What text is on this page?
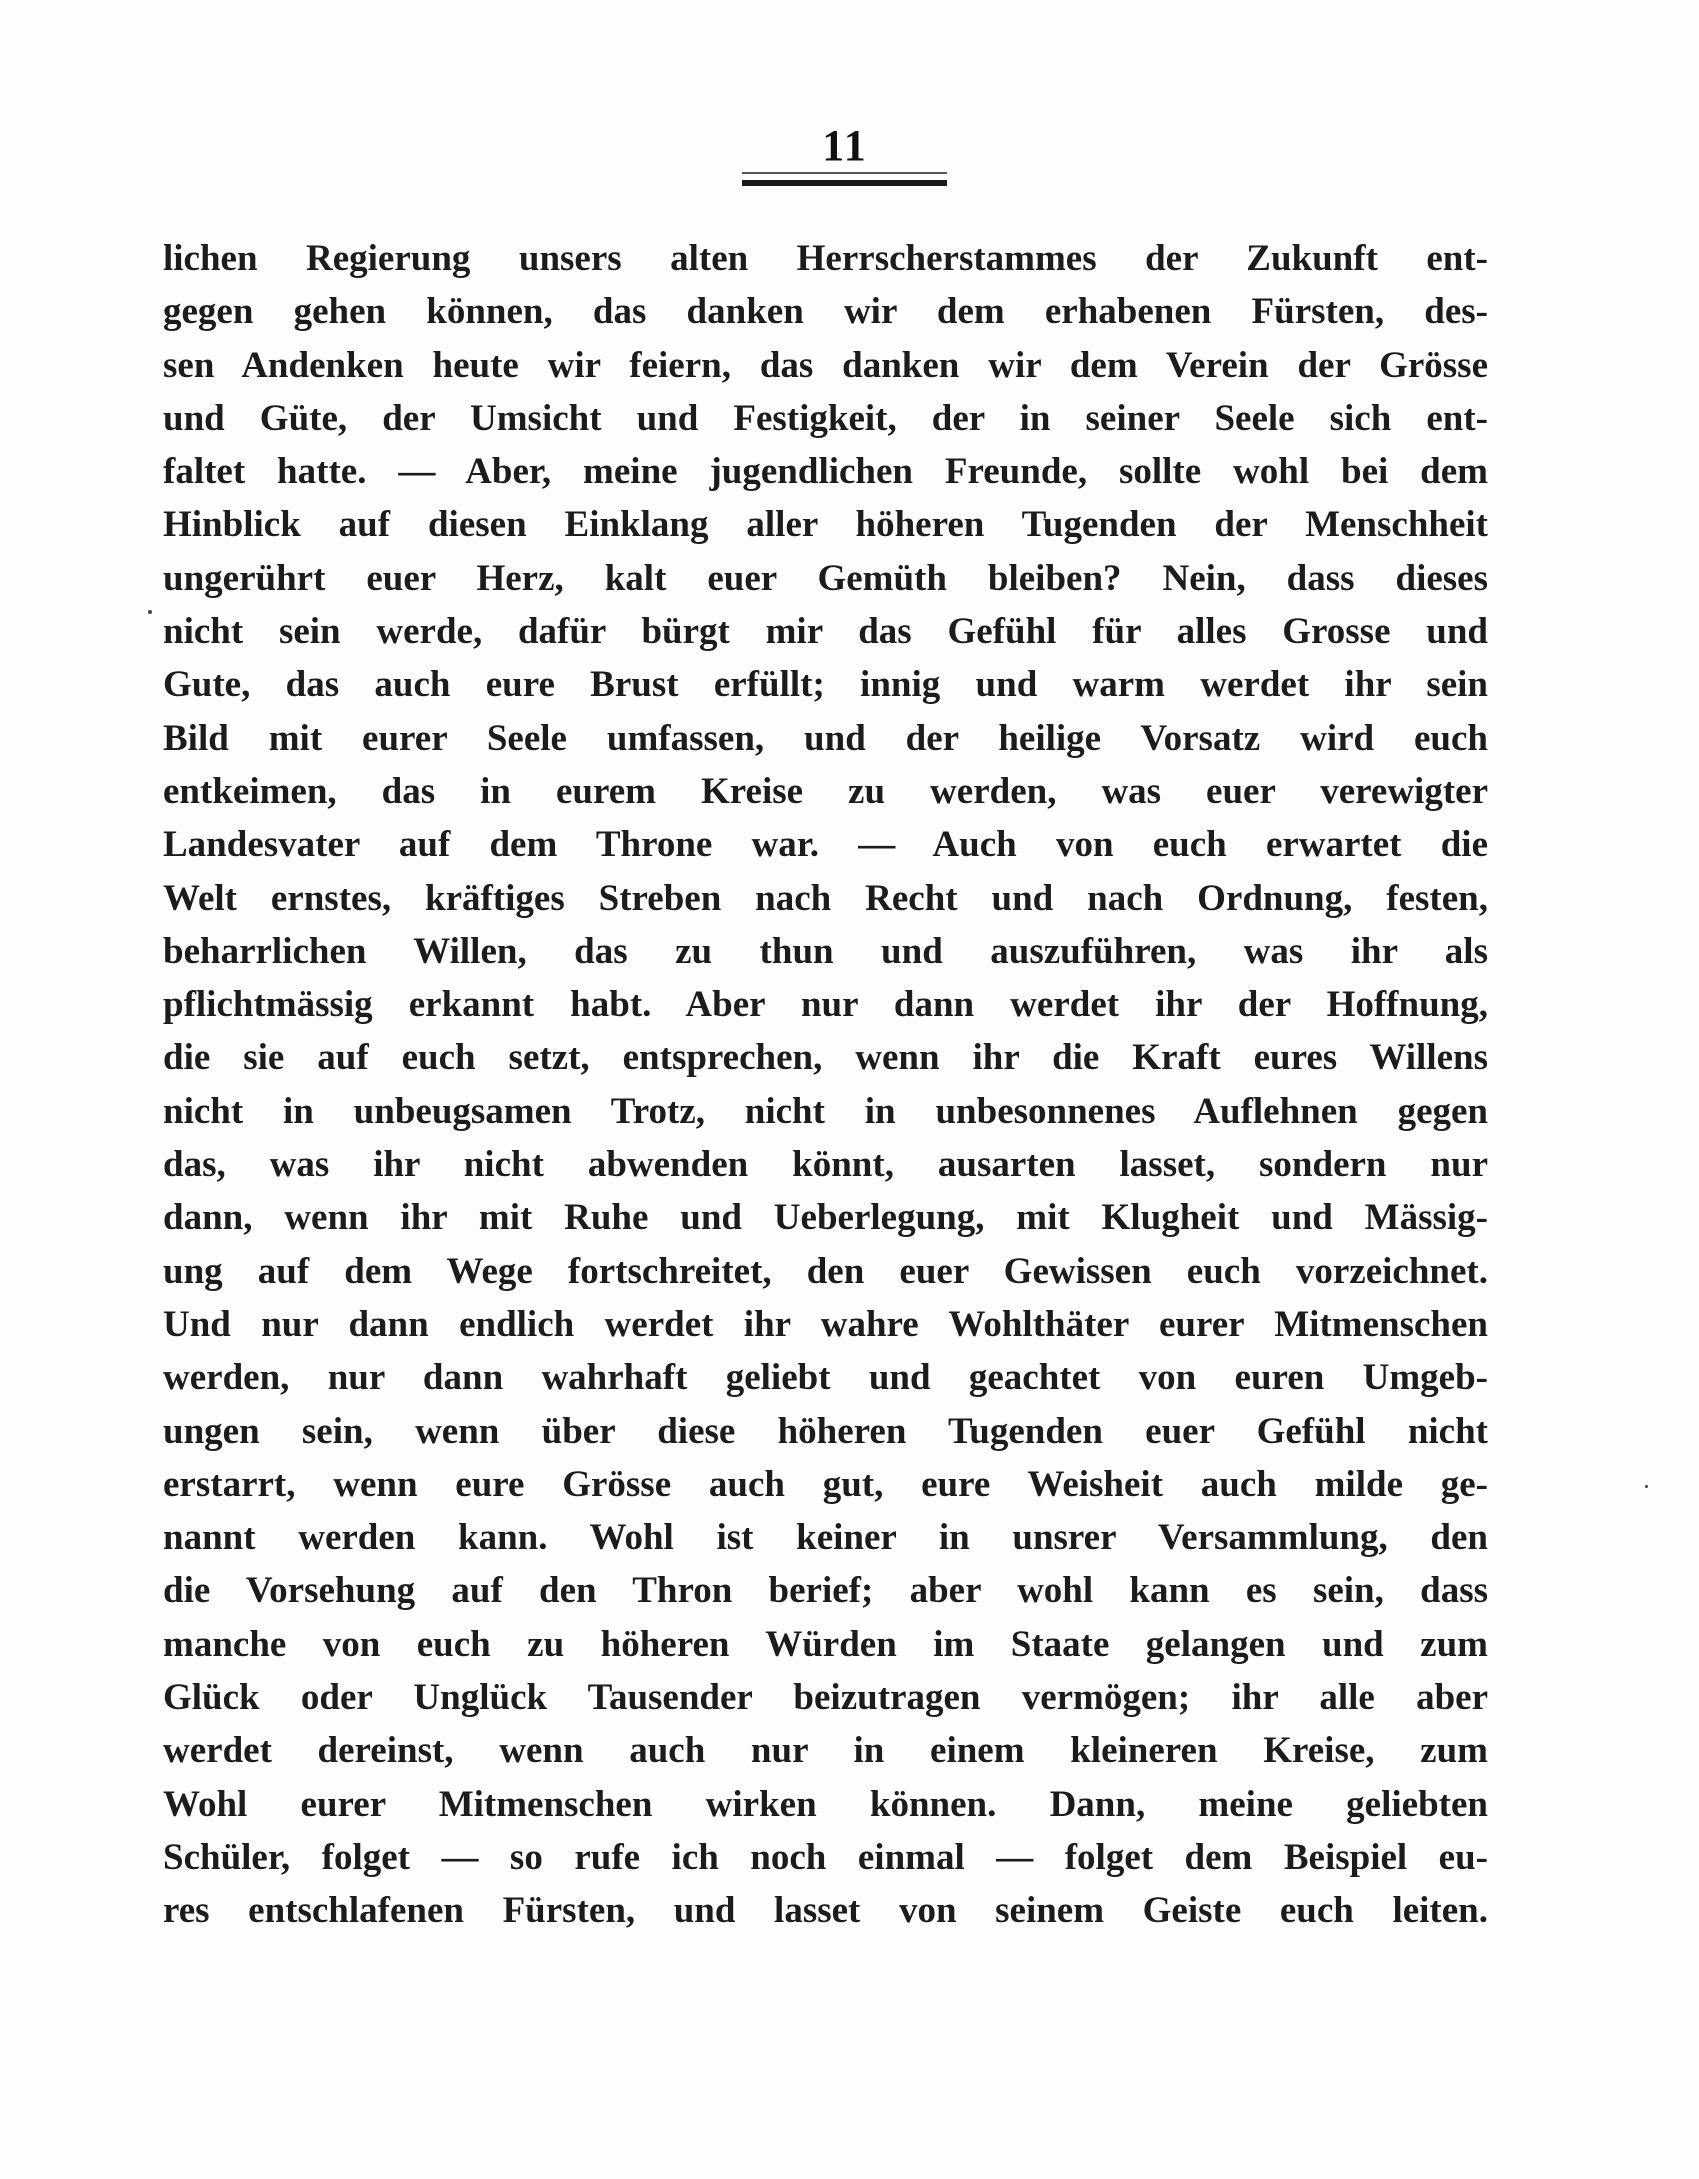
11
lichen Regierung unsers alten Herrscherstammes der Zukunft ent-
gegen gehen können, das danken wir dem erhabenen Fürsten, des-
sen Andenken heute wir feiern, das danken wir dem Verein der Grösse
und Güte, der Umsicht und Festigkeit, der in seiner Seele sich ent-
faltet hatte. — Aber, meine jugendlichen Freunde, sollte wohl bei dem
Hinblick auf diesen Einklang aller höheren Tugenden der Menschheit
ungerührt euer Herz, kalt euer Gemüth bleiben? Nein, dass dieses
nicht sein werde, dafür bürgt mir das Gefühl für alles Grosse und
Gute, das auch eure Brust erfüllt; innig und warm werdet ihr sein
Bild mit eurer Seele umfassen, und der heilige Vorsatz wird euch
entkeimen, das in eurem Kreise zu werden, was euer verewigter
Landesvater auf dem Throne war. — Auch von euch erwartet die
Welt ernstes, kräftiges Streben nach Recht und nach Ordnung, festen,
beharrlichen Willen, das zu thun und auszuführen, was ihr als
pflichtmässig erkannt habt. Aber nur dann werdet ihr der Hoffnung,
die sie auf euch setzt, entsprechen, wenn ihr die Kraft eures Willens
nicht in unbeugsamen Trotz, nicht in unbesonnenes Auflehnen gegen
das, was ihr nicht abwenden könnt, ausarten lasset, sondern nur
dann, wenn ihr mit Ruhe und Ueberlegung, mit Klugheit und Mässig-
ung auf dem Wege fortschreitet, den euer Gewissen euch vorzeichnet.
Und nur dann endlich werdet ihr wahre Wohlthäter eurer Mitmenschen
werden, nur dann wahrhaft geliebt und geachtet von euren Umgeb-
ungen sein, wenn über diese höheren Tugenden euer Gefühl nicht
erstarrt, wenn eure Grösse auch gut, eure Weisheit auch milde ge-
nannt werden kann. Wohl ist keiner in unsrer Versammlung, den
die Vorsehung auf den Thron berief; aber wohl kann es sein, dass
manche von euch zu höheren Würden im Staate gelangen und zum
Glück oder Unglück Tausender beizutragen vermögen; ihr alle aber
werdet dereinst, wenn auch nur in einem kleineren Kreise, zum
Wohl eurer Mitmenschen wirken können. Dann, meine geliebten
Schüler, folget — so rufe ich noch einmal — folget dem Beispiel eu-
res entschlafenen Fürsten, und lasset von seinem Geiste euch leiten.
